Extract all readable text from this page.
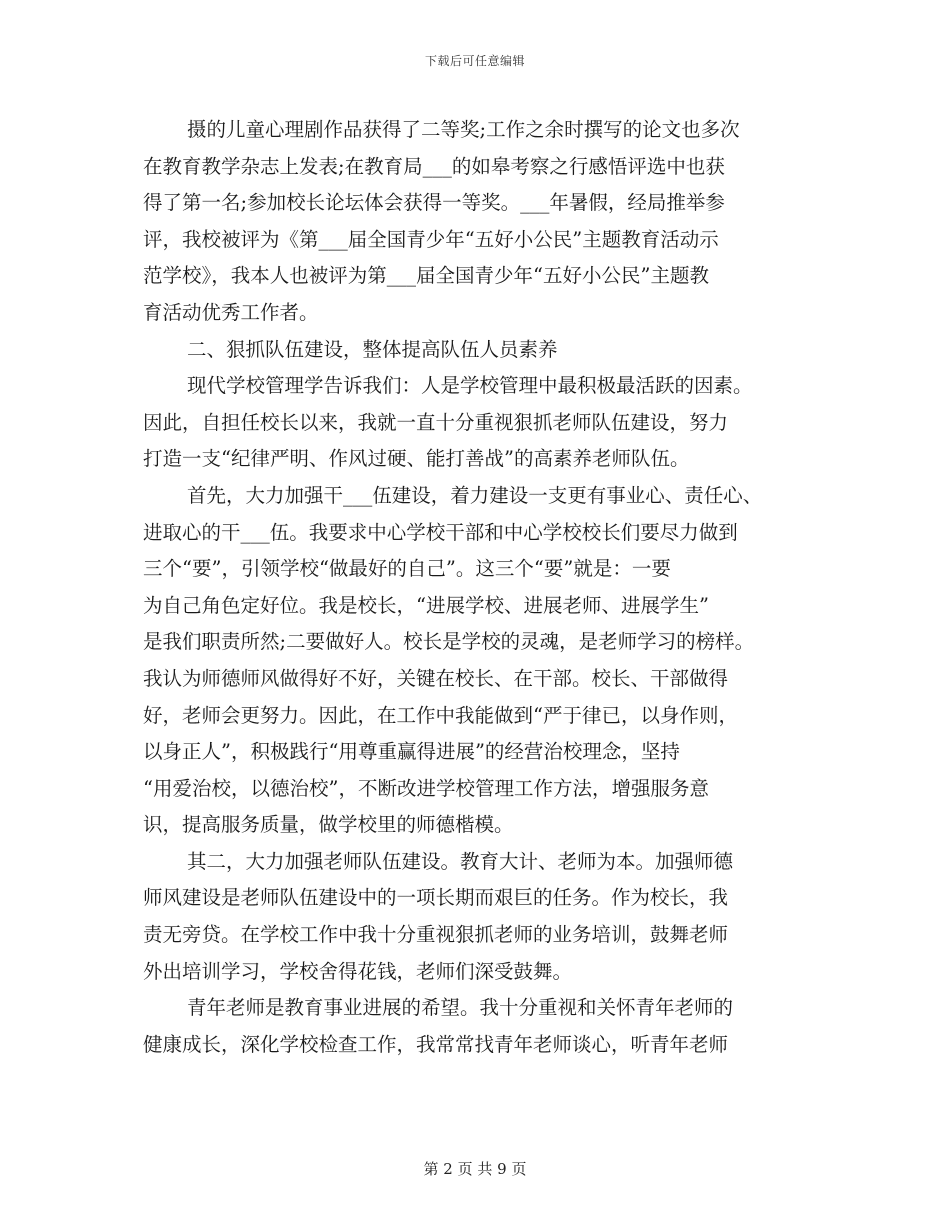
下载后可任意编辑
摄的儿童心理剧作品获得了二等奖;工作之余时撰写的论文也多次
在教育教学杂志上发表;在教育局___的如皋考察之行感悟评选中也获
得了第一名;参加校长论坛体会获得一等奖。___年暑假，经局推举参
评，我校被评为《第___届全国青少年“五好小公民”主题教育活动示
范学校》，我本人也被评为第___届全国青少年“五好小公民”主题教
育活动优秀工作者。
二、狠抓队伍建设，整体提高队伍人员素养
现代学校管理学告诉我们：人是学校管理中最积极最活跃的因素。
因此，自担任校长以来，我就一直十分重视狠抓老师队伍建设，努力
打造一支“纪律严明、作风过硬、能打善战”的高素养老师队伍。
首先，大力加强干___伍建设，着力建设一支更有事业心、责任心、
进取心的干___伍。我要求中心学校干部和中心学校校长们要尽力做到
三个“要”，引领学校“做最好的自己”。这三个“要”就是：一要
为自己角色定好位。我是校长，“进展学校、进展老师、进展学生”
是我们职责所然;二要做好人。校长是学校的灵魂，是老师学习的榜样。
我认为师德师风做得好不好，关键在校长、在干部。校长、干部做得
好，老师会更努力。因此，在工作中我能做到“严于律已，以身作则，
以身正人”，积极践行“用尊重赢得进展”的经营治校理念，坚持
“用爱治校，以德治校”，不断改进学校管理工作方法，增强服务意
识，提高服务质量，做学校里的师德楷模。
其二，大力加强老师队伍建设。教育大计、老师为本。加强师德
师风建设是老师队伍建设中的一项长期而艰巨的任务。作为校长，我
责无旁贷。在学校工作中我十分重视狠抓老师的业务培训，鼓舞老师
外出培训学习，学校舍得花钱，老师们深受鼓舞。
青年老师是教育事业进展的希望。我十分重视和关怀青年老师的
健康成长，深化学校检查工作，我常常找青年老师谈心，听青年老师
第 2 页 共 9 页
